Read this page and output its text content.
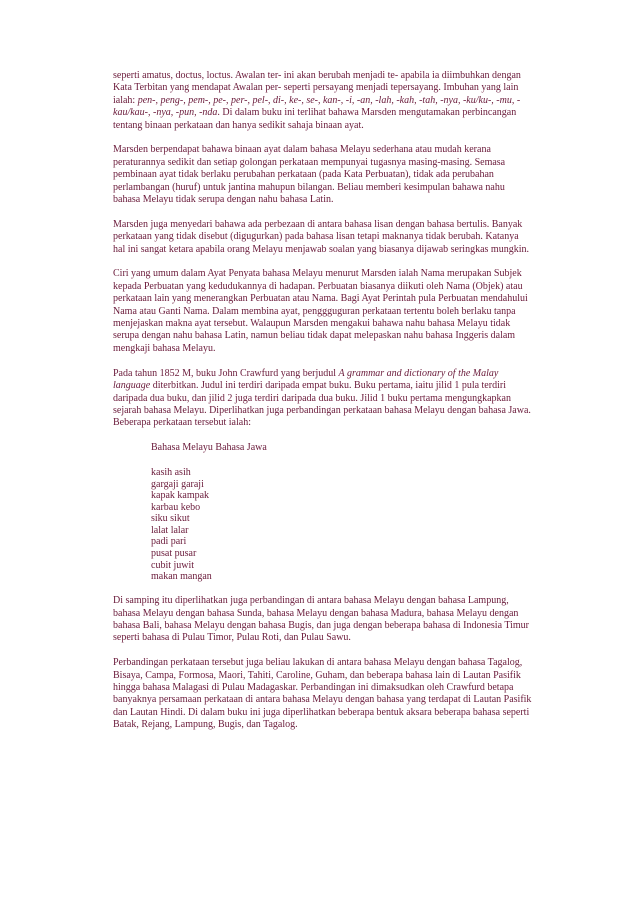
seperti amatus, doctus, loctus. Awalan ter- ini akan berubah menjadi te- apabila ia diimbuhkan dengan Kata Terbitan yang mendapat Awalan per- seperti persayang menjadi tepersayang. Imbuhan yang lain ialah: pen-, peng-, pem-, pe-, per-, pel-, di-, ke-, se-, kan-, -i, -an, -lah, -kah, -tah, -nya, -ku/ku-, -mu, -kau/kau-, -nya, -pun, -nda. Di dalam buku ini terlihat bahawa Marsden mengutamakan perbincangan tentang binaan perkataan dan hanya sedikit sahaja binaan ayat.

Marsden berpendapat bahawa binaan ayat dalam bahasa Melayu sederhana atau mudah kerana peraturannya sedikit dan setiap golongan perkataan mempunyai tugasnya masing-masing. Semasa pembinaan ayat tidak berlaku perubahan perkataan (pada Kata Perbuatan), tidak ada perubahan perlambangan (huruf) untuk jantina mahupun bilangan. Beliau memberi kesimpulan bahawa nahu bahasa Melayu tidak serupa dengan nahu bahasa Latin.

Marsden juga menyedari bahawa ada perbezaan di antara bahasa lisan dengan bahasa bertulis. Banyak perkataan yang tidak disebut (digugurkan) pada bahasa lisan tetapi maknanya tidak berubah. Katanya hal ini sangat ketara apabila orang Melayu menjawab soalan yang biasanya dijawab seringkas mungkin.

Ciri yang umum dalam Ayat Penyata bahasa Melayu menurut Marsden ialah Nama merupakan Subjek kepada Perbuatan yang kedudukannya di hadapan. Perbuatan biasanya diikuti oleh Nama (Objek) atau perkataan lain yang menerangkan Perbuatan atau Nama. Bagi Ayat Perintah pula Perbuatan mendahului Nama atau Ganti Nama. Dalam membina ayat, penggguguran perkataan tertentu boleh berlaku tanpa menjejaskan makna ayat tersebut. Walaupun Marsden mengakui bahawa nahu bahasa Melayu tidak serupa dengan nahu bahasa Latin, namun beliau tidak dapat melepaskan nahu bahasa Inggeris dalam mengkaji bahasa Melayu.

Pada tahun 1852 M, buku John Crawfurd yang berjudul A grammar and dictionary of the Malay language diterbitkan. Judul ini terdiri daripada empat buku. Buku pertama, iaitu jilid 1 pula terdiri daripada dua buku, dan jilid 2 juga terdiri daripada dua buku. Jilid 1 buku pertama mengungkapkan sejarah bahasa Melayu. Diperlihatkan juga perbandingan perkataan bahasa Melayu dengan bahasa Jawa. Beberapa perkataan tersebut ialah:

Bahasa Melayu Bahasa Jawa
kasih asih
gargaji garaji
kapak kampak
karbau kebo
siku sikut
lalat lalar
padi pari
pusat pusar
cubit juwit
makan mangan

Di samping itu diperlihatkan juga perbandingan di antara bahasa Melayu dengan bahasa Lampung, bahasa Melayu dengan bahasa Sunda, bahasa Melayu dengan bahasa Madura, bahasa Melayu dengan bahasa Bali, bahasa Melayu dengan bahasa Bugis, dan juga dengan beberapa bahasa di Indonesia Timur seperti bahasa di Pulau Timor, Pulau Roti, dan Pulau Sawu.

Perbandingan perkataan tersebut juga beliau lakukan di antara bahasa Melayu dengan bahasa Tagalog, Bisaya, Campa, Formosa, Maori, Tahiti, Caroline, Guham, dan beberapa bahasa lain di Lautan Pasifik hingga bahasa Malagasi di Pulau Madagaskar. Perbandingan ini dimaksudkan oleh Crawfurd betapa banyaknya persamaan perkataan di antara bahasa Melayu dengan bahasa yang terdapat di Lautan Pasifik dan Lautan Hindi. Di dalam buku ini juga diperlihatkan beberapa bentuk aksara beberapa bahasa seperti Batak, Rejang, Lampung, Bugis, dan Tagalog.
